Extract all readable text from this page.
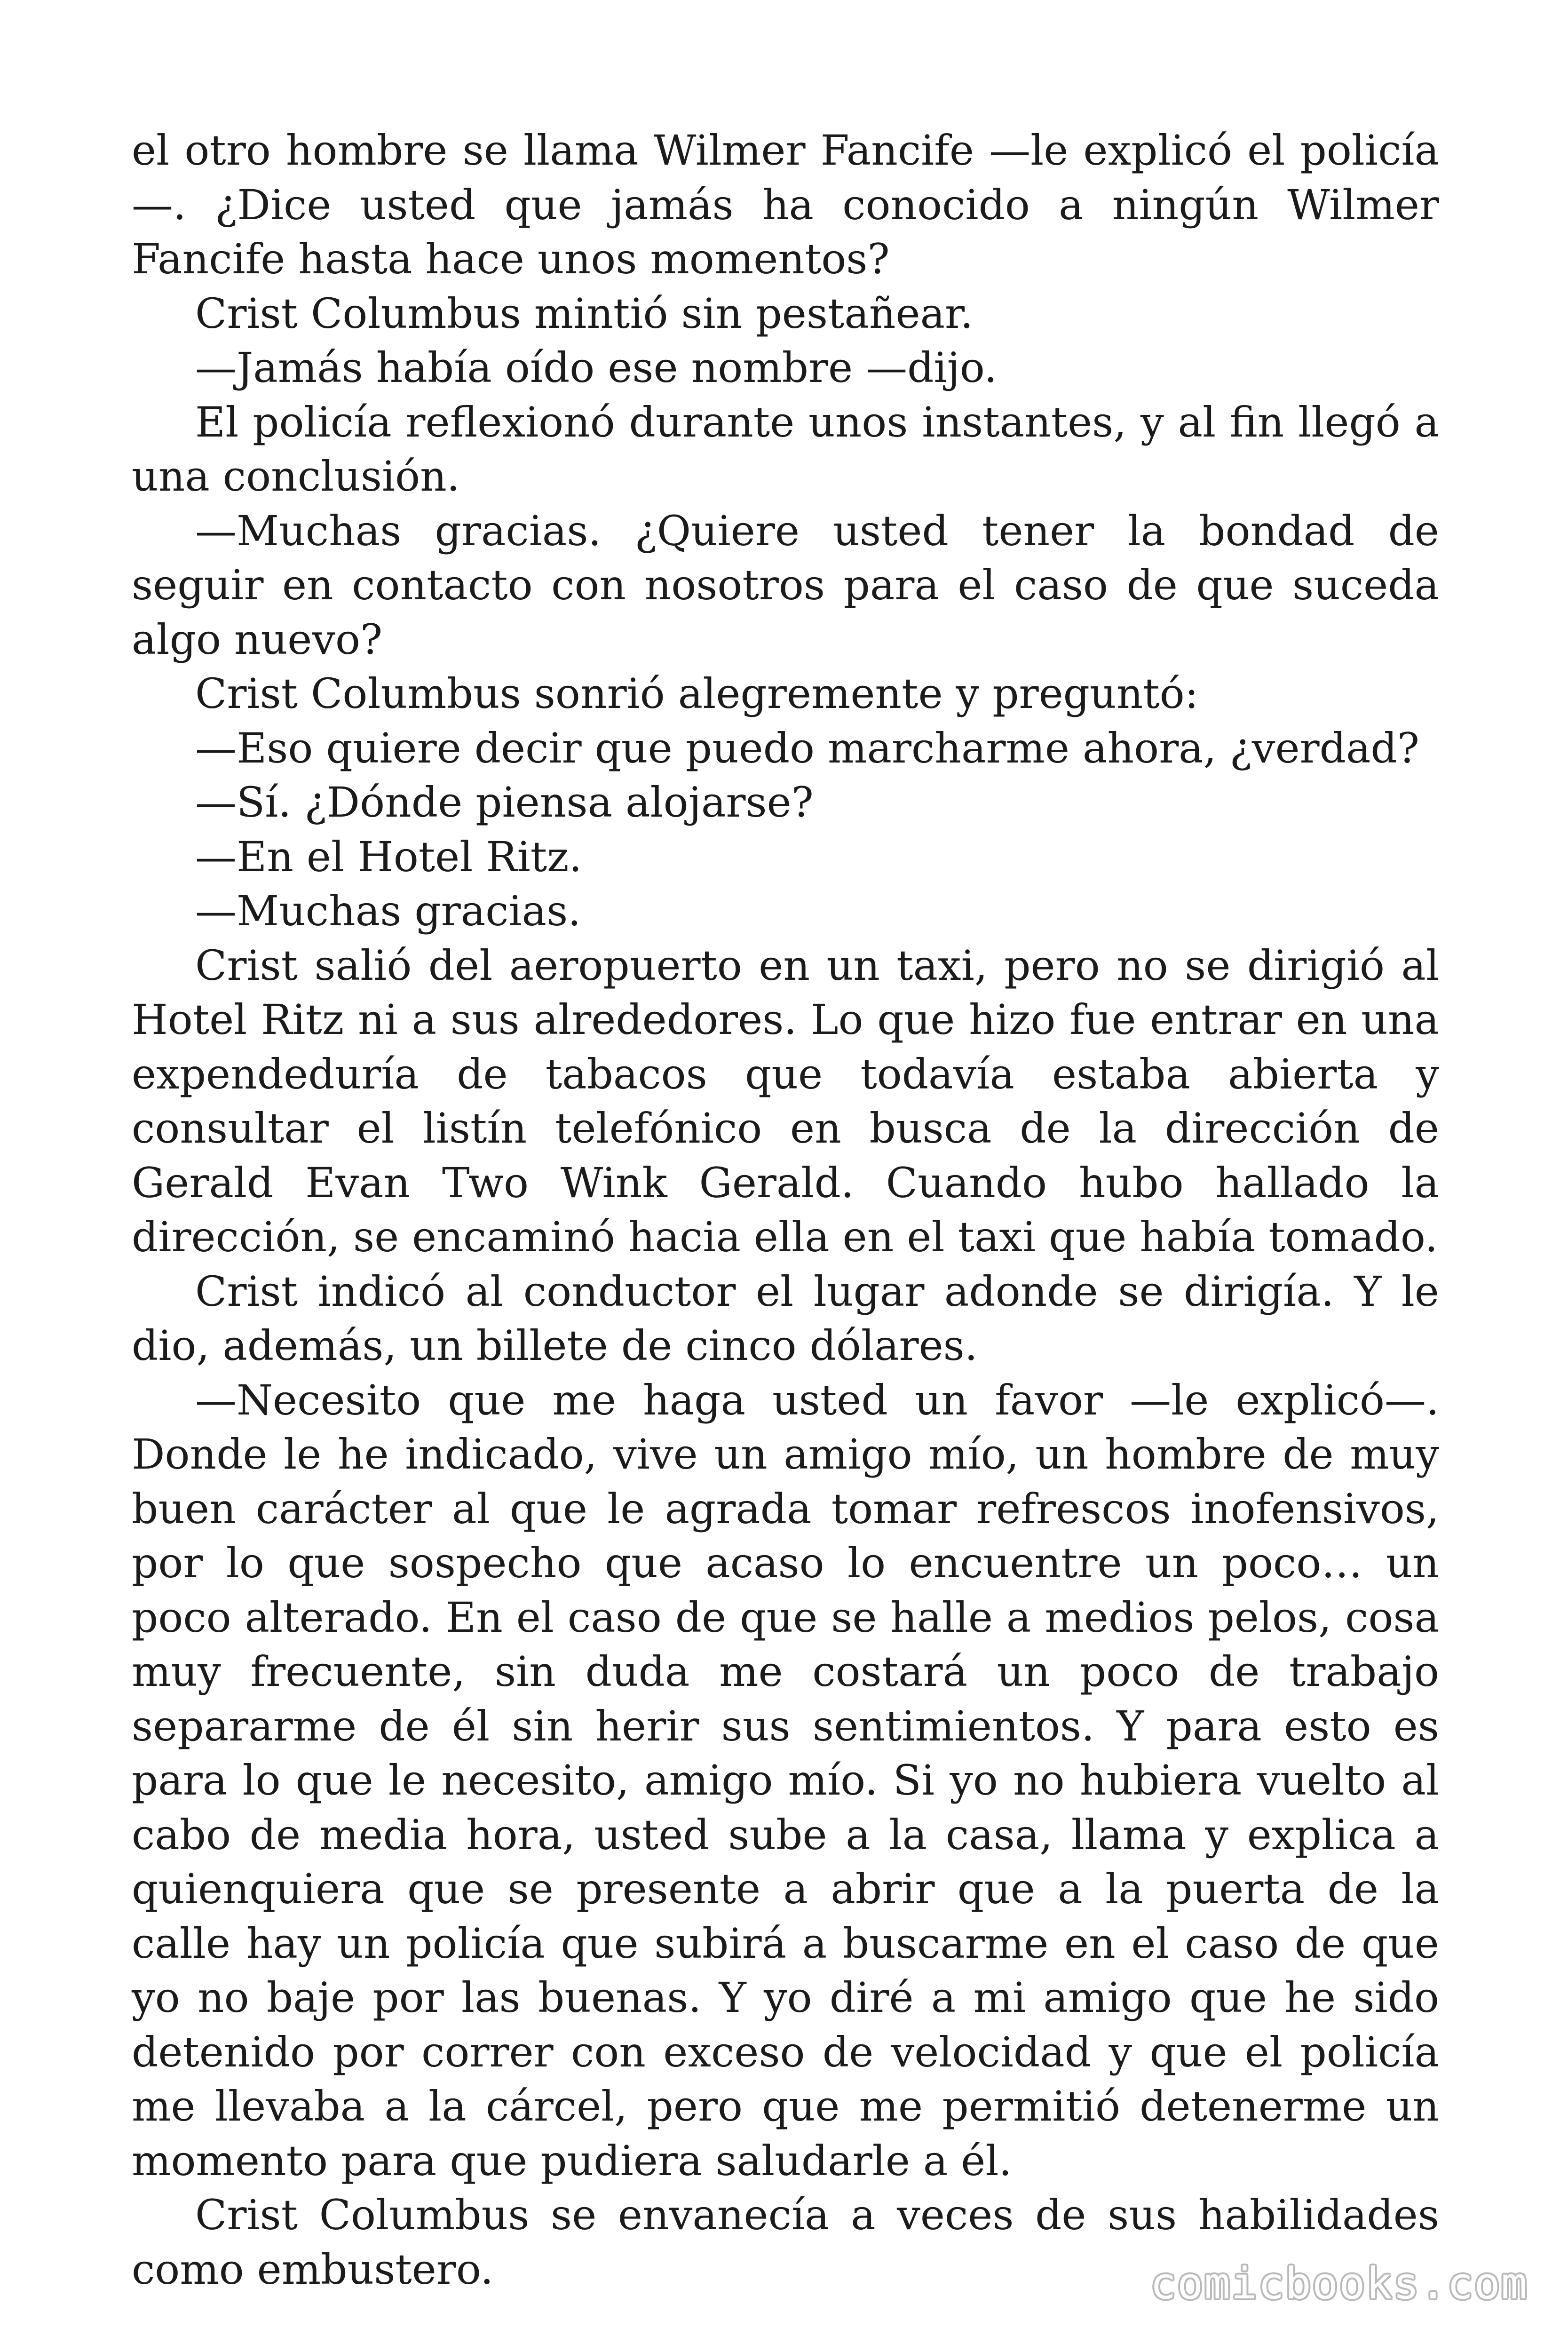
el otro hombre se llama Wilmer Fancife —le explicó el policía—. ¿Dice usted que jamás ha conocido a ningún Wilmer Fancife hasta hace unos momentos?

Crist Columbus mintió sin pestañear.

—Jamás había oído ese nombre —dijo.

El policía reflexionó durante unos instantes, y al fin llegó a una conclusión.

—Muchas gracias. ¿Quiere usted tener la bondad de seguir en contacto con nosotros para el caso de que suceda algo nuevo?

Crist Columbus sonrió alegremente y preguntó:

—Eso quiere decir que puedo marcharme ahora, ¿verdad?

—Sí. ¿Dónde piensa alojarse?

—En el Hotel Ritz.

—Muchas gracias.

Crist salió del aeropuerto en un taxi, pero no se dirigió al Hotel Ritz ni a sus alrededores. Lo que hizo fue entrar en una expendeduría de tabacos que todavía estaba abierta y consultar el listín telefónico en busca de la dirección de Gerald Evan Two Wink Gerald. Cuando hubo hallado la dirección, se encaminó hacia ella en el taxi que había tomado.

Crist indicó al conductor el lugar adonde se dirigía. Y le dio, además, un billete de cinco dólares.

—Necesito que me haga usted un favor —le explicó—. Donde le he indicado, vive un amigo mío, un hombre de muy buen carácter al que le agrada tomar refrescos inofensivos, por lo que sospecho que acaso lo encuentre un poco… un poco alterado. En el caso de que se halle a medios pelos, cosa muy frecuente, sin duda me costará un poco de trabajo separarme de él sin herir sus sentimientos. Y para esto es para lo que le necesito, amigo mío. Si yo no hubiera vuelto al cabo de media hora, usted sube a la casa, llama y explica a quienquiera que se presente a abrir que a la puerta de la calle hay un policía que subirá a buscarme en el caso de que yo no baje por las buenas. Y yo diré a mi amigo que he sido detenido por correr con exceso de velocidad y que el policía me llevaba a la cárcel, pero que me permitió detenerme un momento para que pudiera saludarle a él.

Crist Columbus se envanecía a veces de sus habilidades como embustero.	comicbooks.com
